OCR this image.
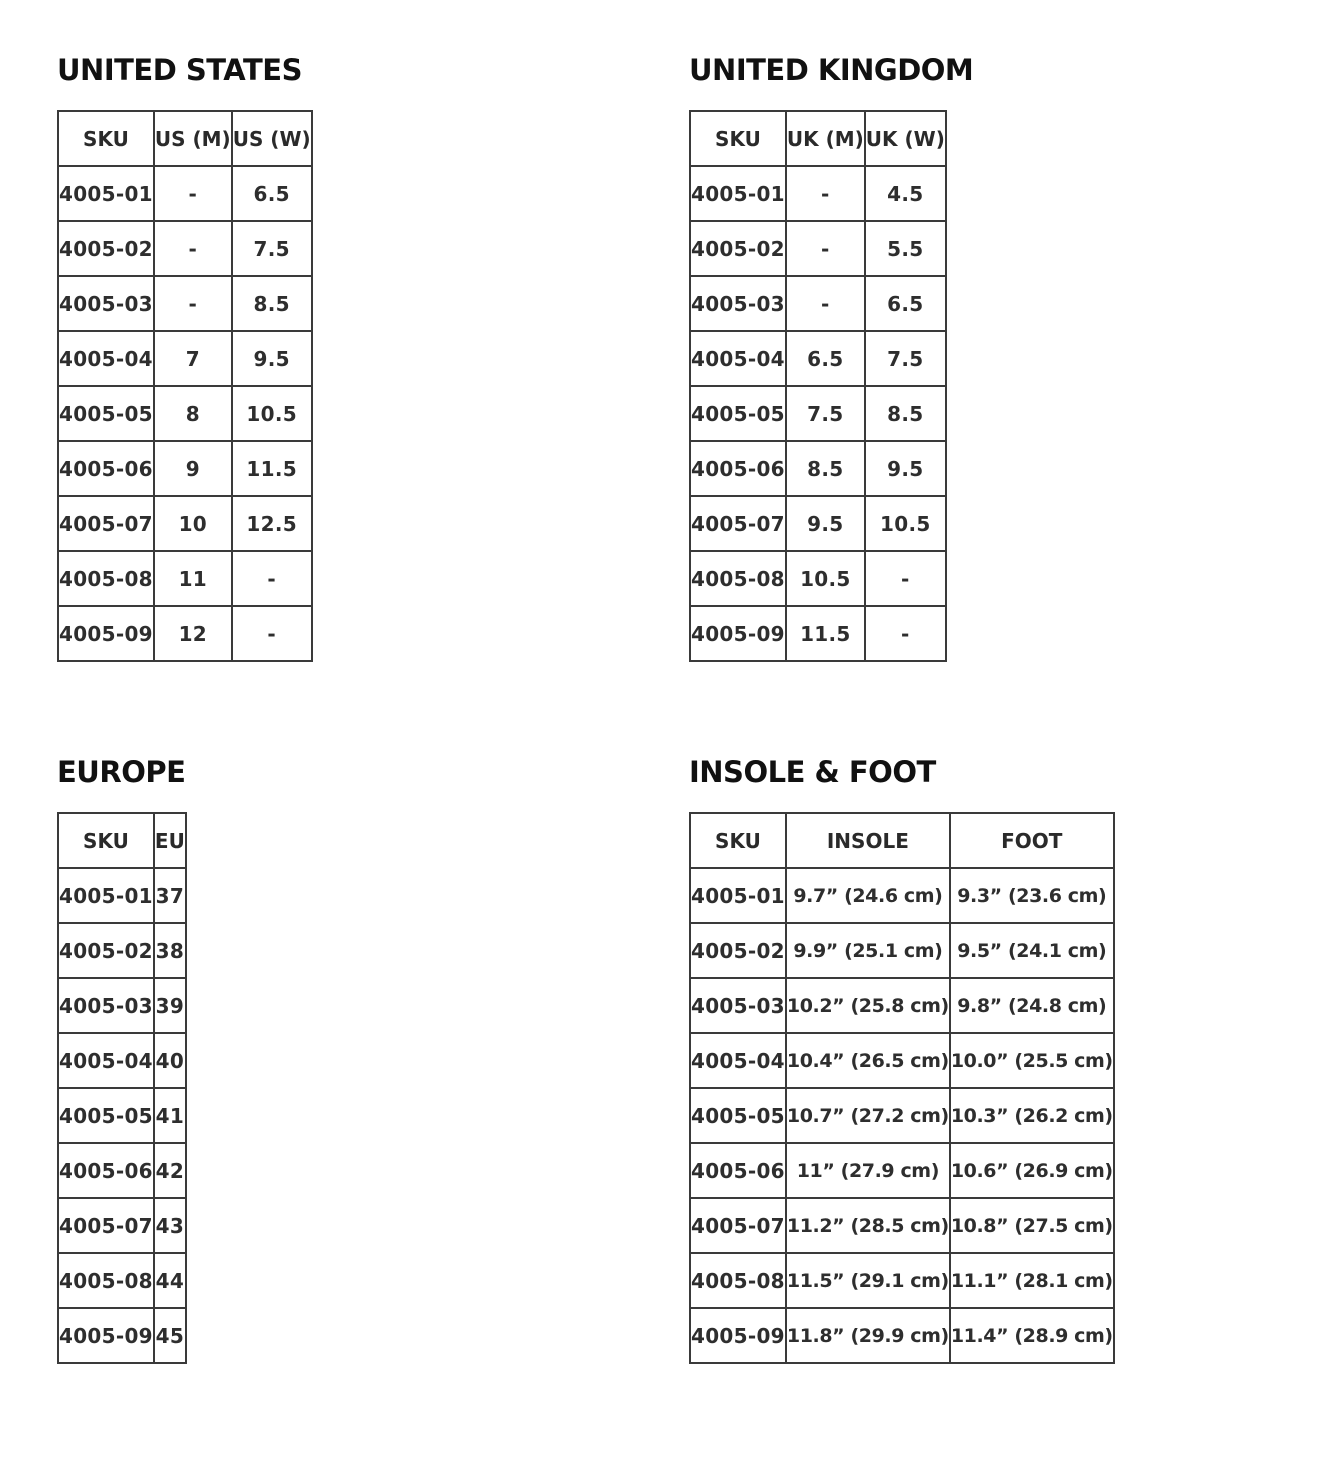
UNITED STATES
SKU	US (M)	US (W)
4005-01	-	6.5
4005-02	-	7.5
4005-03	-	8.5
4005-04	7	9.5
4005-05	8	10.5
4005-06	9	11.5
4005-07	10	12.5
4005-08	11	-
4005-09	12	-
UNITED KINGDOM
SKU	UK (M)	UK (W)
4005-01	-	4.5
4005-02	-	5.5
4005-03	-	6.5
4005-04	6.5	7.5
4005-05	7.5	8.5
4005-06	8.5	9.5
4005-07	9.5	10.5
4005-08	10.5	-
4005-09	11.5	-
EUROPE
SKU	EU
4005-01	37
4005-02	38
4005-03	39
4005-04	40
4005-05	41
4005-06	42
4005-07	43
4005-08	44
4005-09	45
INSOLE & FOOT
SKU	INSOLE	FOOT
4005-01	9.7” (24.6 cm)	9.3” (23.6 cm)
4005-02	9.9” (25.1 cm)	9.5” (24.1 cm)
4005-03	10.2” (25.8 cm)	9.8” (24.8 cm)
4005-04	10.4” (26.5 cm)	10.0” (25.5 cm)
4005-05	10.7” (27.2 cm)	10.3” (26.2 cm)
4005-06	11” (27.9 cm)	10.6” (26.9 cm)
4005-07	11.2” (28.5 cm)	10.8” (27.5 cm)
4005-08	11.5” (29.1 cm)	11.1” (28.1 cm)
4005-09	11.8” (29.9 cm)	11.4” (28.9 cm)
